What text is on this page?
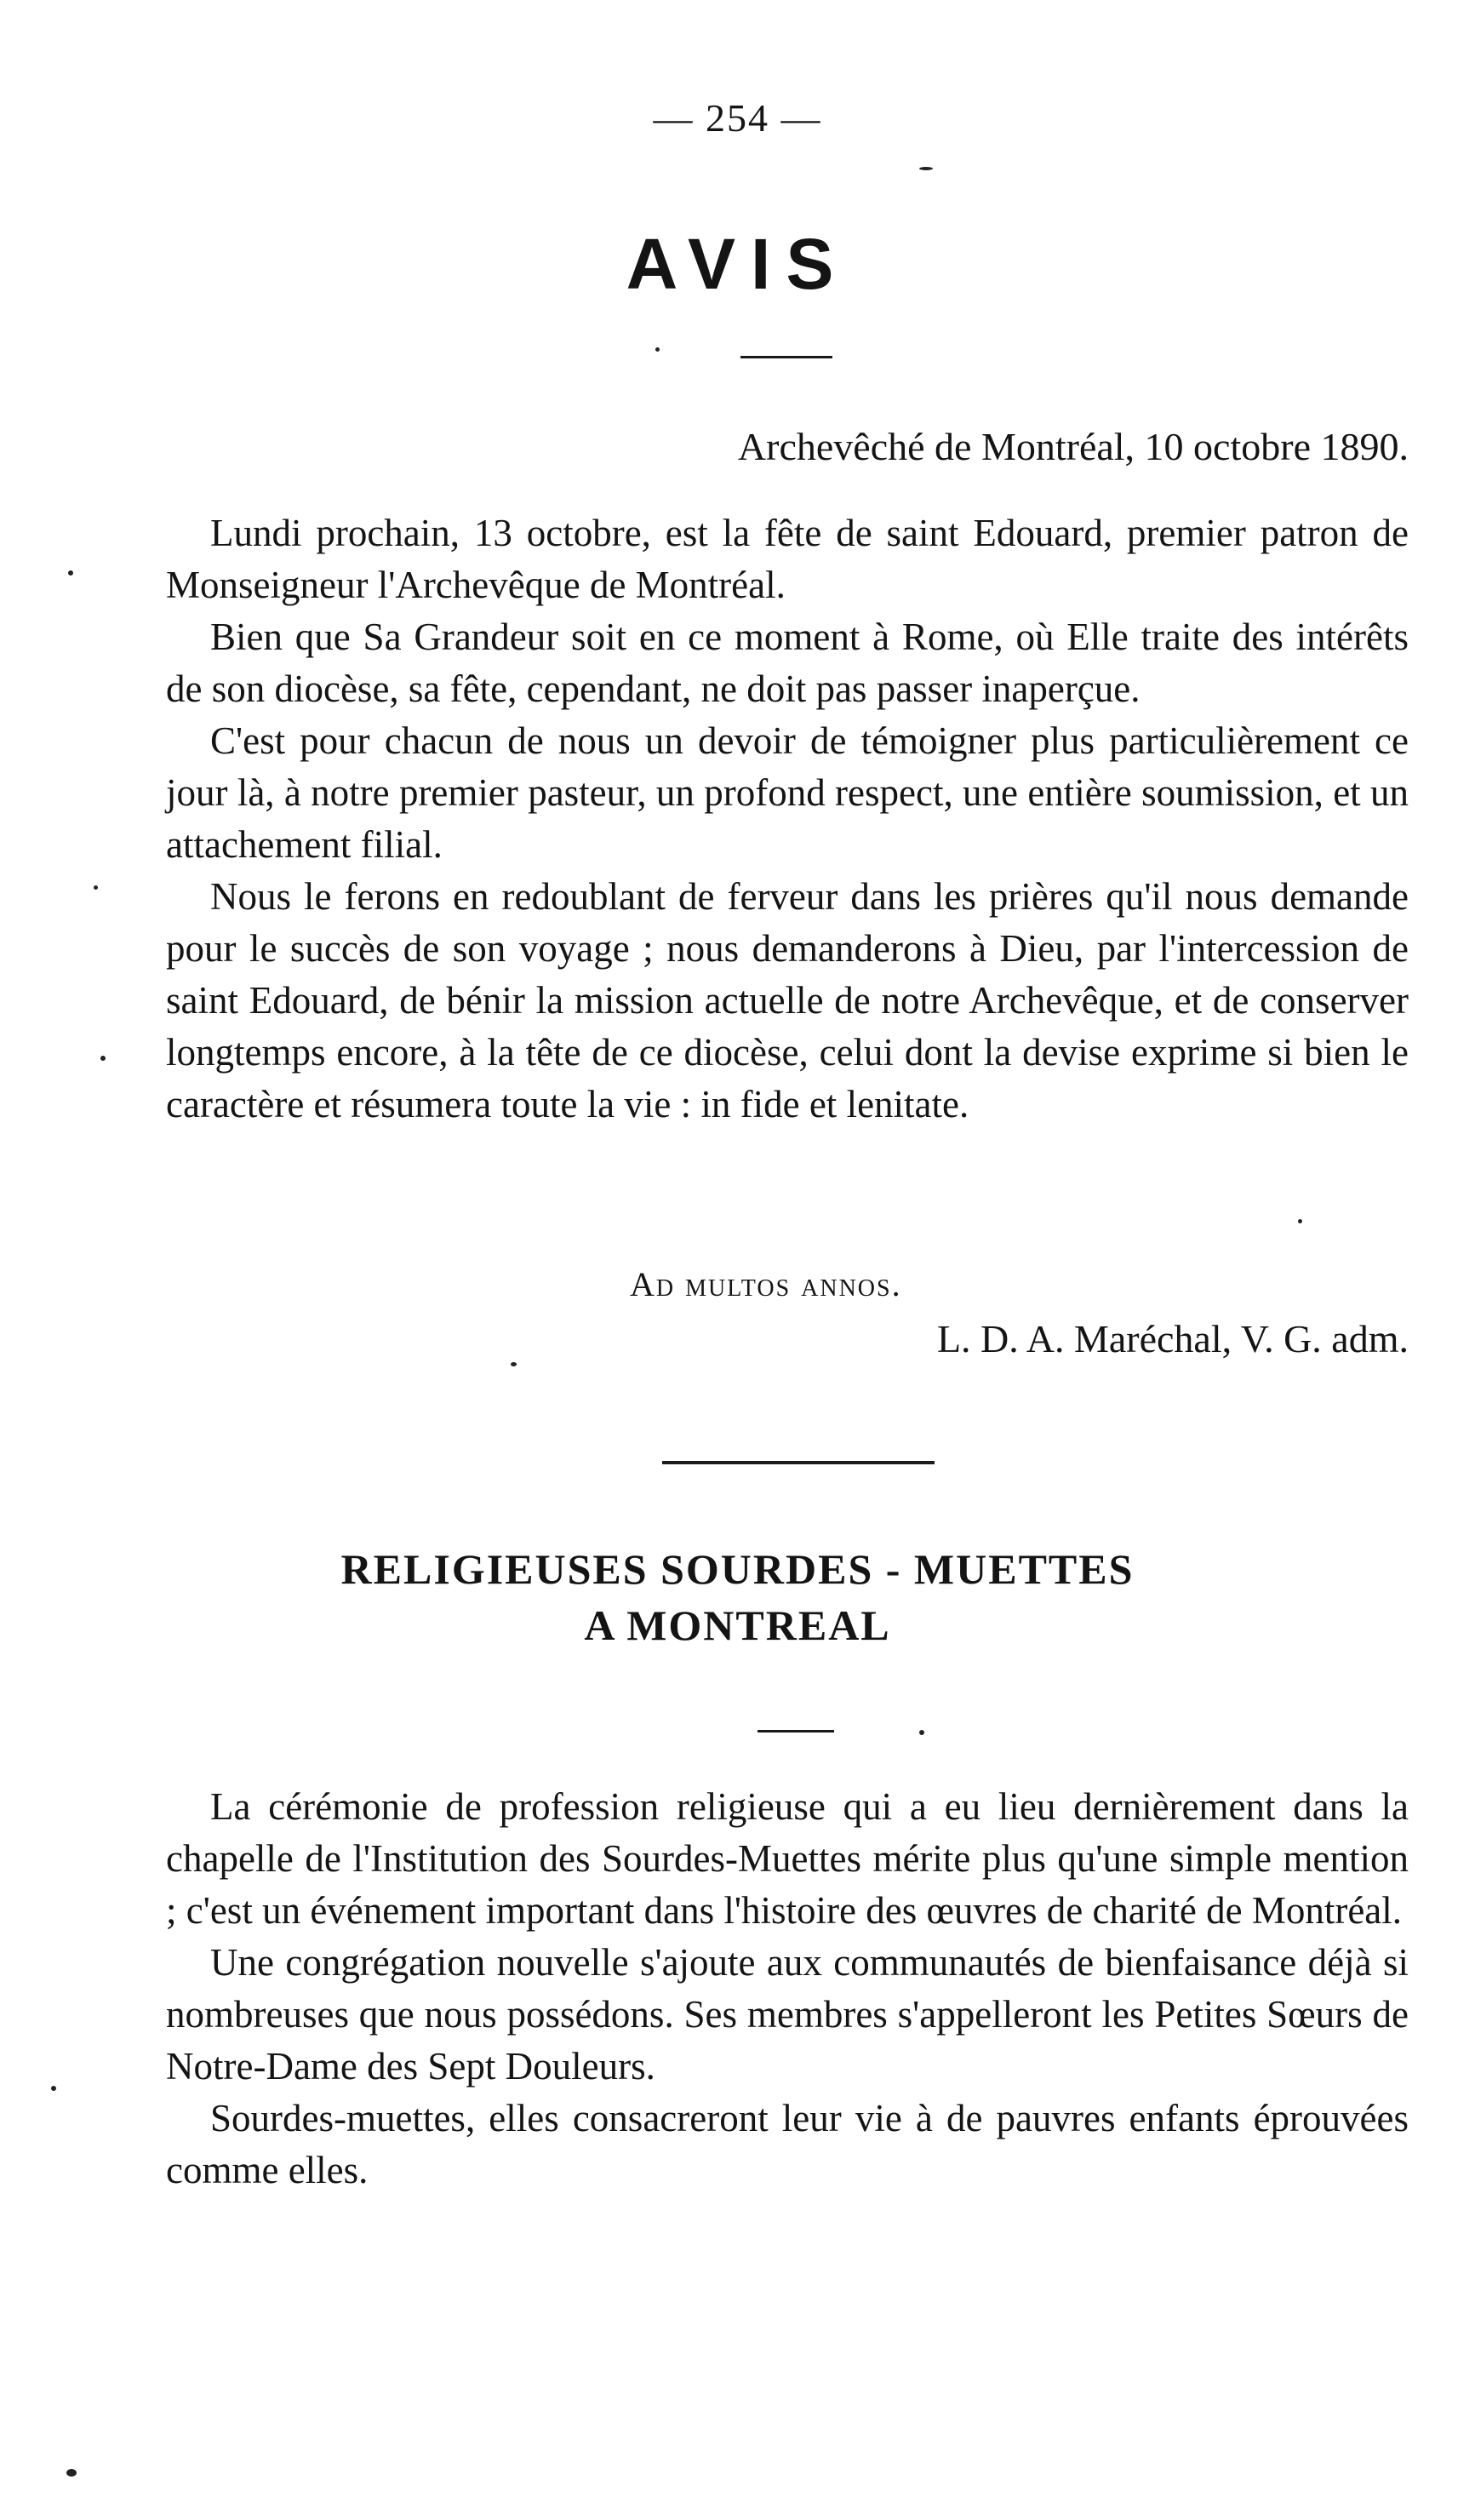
— 254 —
AVIS
Archevêché de Montréal, 10 octobre 1890.

Lundi prochain, 13 octobre, est la fête de saint Edouard, premier patron de Monseigneur l'Archevêque de Montréal.

Bien que Sa Grandeur soit en ce moment à Rome, où Elle traite des intérêts de son diocèse, sa fête, cependant, ne doit pas passer inaperçue.

C'est pour chacun de nous un devoir de témoigner plus particulièrement ce jour là, à notre premier pasteur, un profond respect, une entière soumission, et un attachement filial.

Nous le ferons en redoublant de ferveur dans les prières qu'il nous demande pour le succès de son voyage ; nous demanderons à Dieu, par l'intercession de saint Edouard, de bénir la mission actuelle de notre Archevêque, et de conserver longtemps encore, à la tête de ce diocèse, celui dont la devise exprime si bien le caractère et résumera toute la vie : in fide et lenitate.

Ad multos annos.
L. D. A. Maréchal, V. G. adm.
RELIGIEUSES SOURDES - MUETTES
A MONTREAL

La cérémonie de profession religieuse qui a eu lieu dernièrement dans la chapelle de l'Institution des Sourdes-Muettes mérite plus qu'une simple mention ; c'est un événement important dans l'histoire des œuvres de charité de Montréal.

Une congrégation nouvelle s'ajoute aux communautés de bienfaisance déjà si nombreuses que nous possédons. Ses membres s'appelleront les Petites Sœurs de Notre-Dame des Sept Douleurs.

Sourdes-muettes, elles consacreront leur vie à de pauvres enfants éprouvées comme elles.
